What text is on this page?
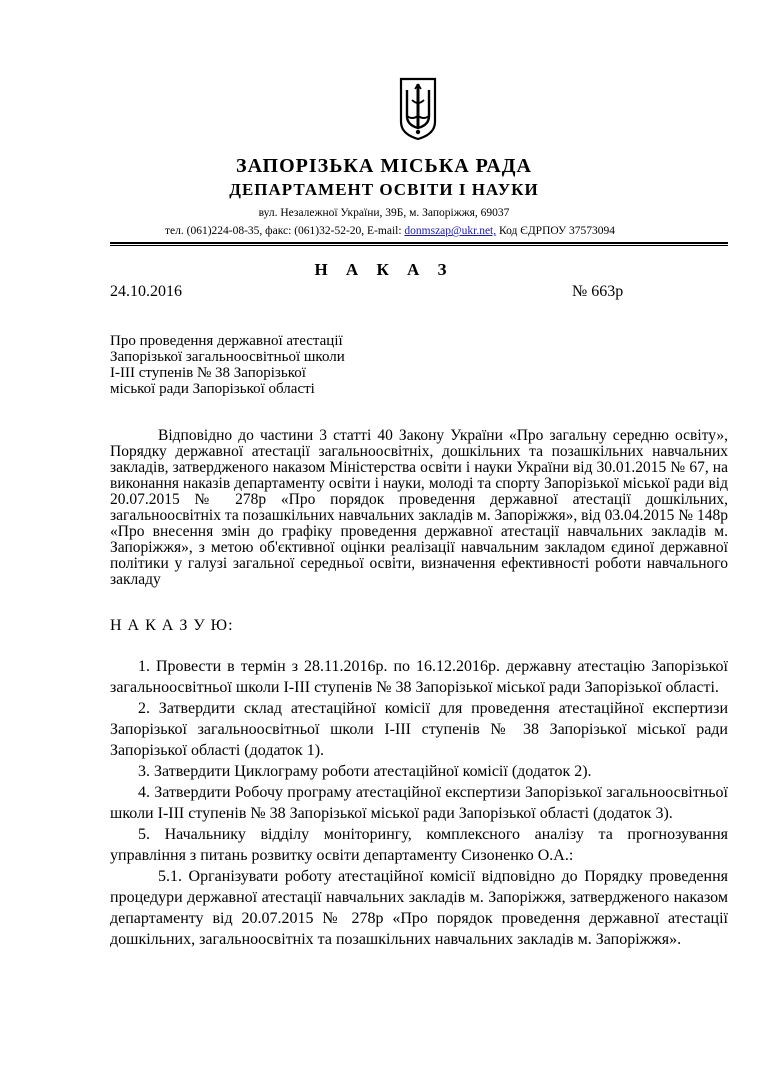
ЗАПОРІЗЬКА МІСЬКА РАДА
ДЕПАРТАМЕНТ ОСВІТИ І НАУКИ
вул. Незалежної України, 39Б, м. Запоріжжя, 69037
тел. (061)224-08-35, факс: (061)32-52-20, E-mail: donmszap@ukr.net, Код ЄДРПОУ 37573094
Н А К А З
24.10.2016	№ 663р
Про проведення державної атестації
Запорізької загальноосвітньої школи
І-ІІІ ступенів № 38 Запорізької
міської ради Запорізької області
Відповідно до частини 3 статті 40 Закону України «Про загальну середню освіту», Порядку державної атестації загальноосвітніх, дошкільних та позашкільних навчальних закладів, затвердженого наказом Міністерства освіти і науки України від 30.01.2015 № 67, на виконання наказів департаменту освіти і науки, молоді та спорту Запорізької міської ради від 20.07.2015 № 278р «Про порядок проведення державної атестації дошкільних, загальноосвітніх та позашкільних навчальних закладів м. Запоріжжя», від 03.04.2015 № 148р «Про внесення змін до графіку проведення державної атестації навчальних закладів м. Запоріжжя», з метою об'єктивної оцінки реалізації навчальним закладом єдиної державної політики у галузі загальної середньої освіти, визначення ефективності роботи навчального закладу
Н А К А З У Ю:

1. Провести в термін з 28.11.2016р. по 16.12.2016р. державну атестацію Запорізької загальноосвітньої школи І-ІІІ ступенів № 38 Запорізької міської ради Запорізької області.

2. Затвердити склад атестаційної комісії для проведення атестаційної експертизи Запорізької загальноосвітньої школи І-ІІІ ступенів № 38 Запорізької міської ради Запорізької області (додаток 1).

3. Затвердити Циклограму роботи атестаційної комісії (додаток 2).

4. Затвердити Робочу програму атестаційної експертизи Запорізької загальноосвітньої школи І-ІІІ ступенів № 38 Запорізької міської ради Запорізької області (додаток 3).

5. Начальнику відділу моніторингу, комплексного аналізу та прогнозування управління з питань розвитку освіти департаменту Сизоненко О.А.:

5.1. Організувати роботу атестаційної комісії відповідно до Порядку проведення процедури державної атестації навчальних закладів м. Запоріжжя, затвердженого наказом департаменту від 20.07.2015 № 278р «Про порядок проведення державної атестації дошкільних, загальноосвітніх та позашкільних навчальних закладів м. Запоріжжя».
